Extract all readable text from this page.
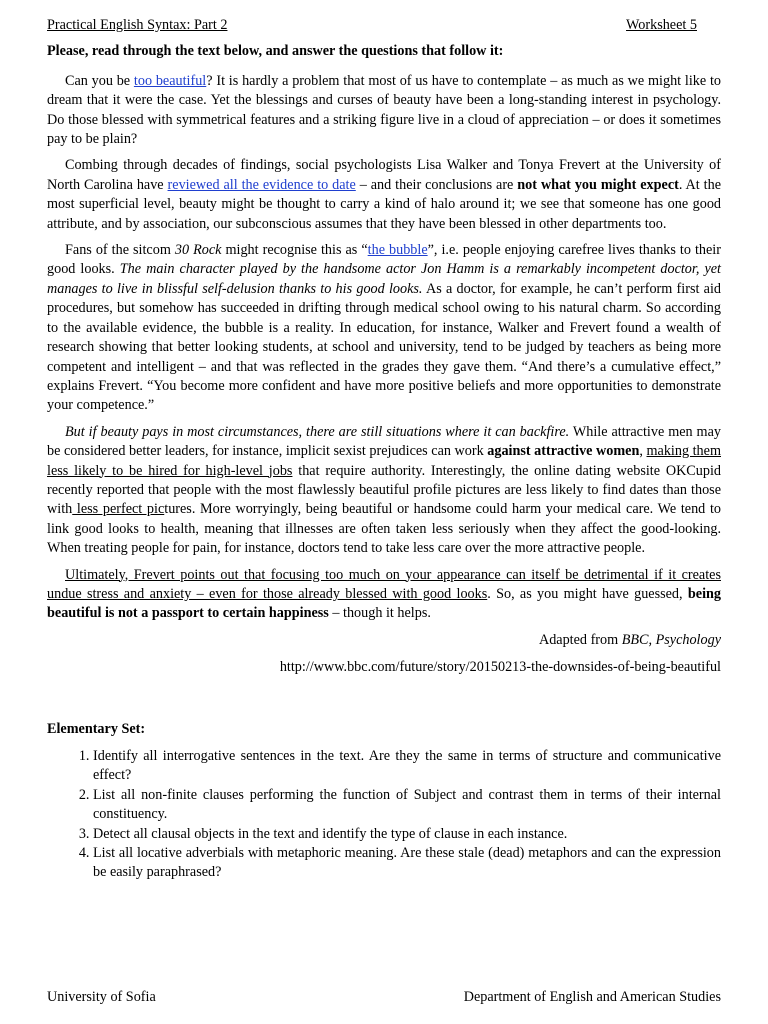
Practical English Syntax: Part 2	Worksheet 5
Please, read through the text below, and answer the questions that follow it:

Can you be too beautiful? It is hardly a problem that most of us have to contemplate – as much as we might like to dream that it were the case. Yet the blessings and curses of beauty have been a long-standing interest in psychology. Do those blessed with symmetrical features and a striking figure live in a cloud of appreciation – or does it sometimes pay to be plain?

Combing through decades of findings, social psychologists Lisa Walker and Tonya Frevert at the University of North Carolina have reviewed all the evidence to date – and their conclusions are not what you might expect. At the most superficial level, beauty might be thought to carry a kind of halo around it; we see that someone has one good attribute, and by association, our subconscious assumes that they have been blessed in other departments too.

Fans of the sitcom 30 Rock might recognise this as “the bubble”, i.e. people enjoying carefree lives thanks to their good looks. The main character played by the handsome actor Jon Hamm is a remarkably incompetent doctor, yet manages to live in blissful self-delusion thanks to his good looks. As a doctor, for example, he can’t perform first aid procedures, but somehow has succeeded in drifting through medical school owing to his natural charm. So according to the available evidence, the bubble is a reality. In education, for instance, Walker and Frevert found a wealth of research showing that better looking students, at school and university, tend to be judged by teachers as being more competent and intelligent – and that was reflected in the grades they gave them. “And there’s a cumulative effect,” explains Frevert. “You become more confident and have more positive beliefs and more opportunities to demonstrate your competence.”

But if beauty pays in most circumstances, there are still situations where it can backfire. While attractive men may be considered better leaders, for instance, implicit sexist prejudices can work against attractive women, making them less likely to be hired for high-level jobs that require authority. Interestingly, the online dating website OKCupid recently reported that people with the most flawlessly beautiful profile pictures are less likely to find dates than those with less perfect pictures. More worryingly, being beautiful or handsome could harm your medical care. We tend to link good looks to health, meaning that illnesses are often taken less seriously when they affect the good-looking. When treating people for pain, for instance, doctors tend to take less care over the more attractive people.

Ultimately, Frevert points out that focusing too much on your appearance can itself be detrimental if it creates undue stress and anxiety – even for those already blessed with good looks. So, as you might have guessed, being beautiful is not a passport to certain happiness – though it helps.

Adapted from BBC, Psychology

http://www.bbc.com/future/story/20150213-the-downsides-of-being-beautiful

Elementary Set:
1. Identify all interrogative sentences in the text. Are they the same in terms of structure and communicative effect?
2. List all non-finite clauses performing the function of Subject and contrast them in terms of their internal constituency.
3. Detect all clausal objects in the text and identify the type of clause in each instance.
4. List all locative adverbials with metaphoric meaning. Are these stale (dead) metaphors and can the expression be easily paraphrased?
University of Sofia	Department of English and American Studies
